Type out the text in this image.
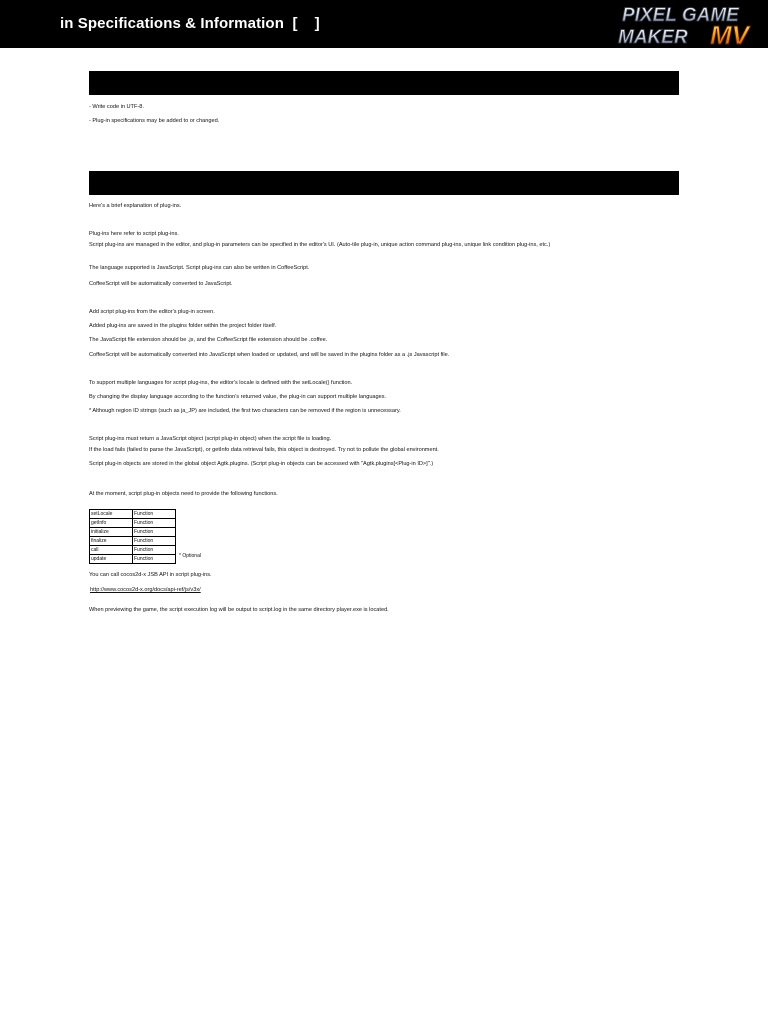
in Specifications & Information  [    ]	PIXEL GAME
MAKER MV
- Write code in UTF-8.
- Plug-in specifications may be added to or changed.
Here's a brief explanation of plug-ins.
Plug-ins here refer to script plug-ins.
Script plug-ins are managed in the editor, and plug-in parameters can be specified in the editor's UI. (Auto-tile plug-in, unique action command plug-ins, unique link condition plug-ins, etc.)
The language supported is JavaScript. Script plug-ins can also be written in CoffeeScript.
CoffeeScript will be automatically converted to JavaScript.
Add script plug-ins from the editor's plug-in screen.
Added plug-ins are saved in the plugins folder within the project folder itself.
The JavaScript file extension should be .js, and the CoffeeScript file extension should be .coffee.
CoffeeScript will be automatically converted into JavaScript when loaded or updated, and will be saved in the plugins folder as a .js Javascript file.
To support multiple languages for script plug-ins, the editor's locale is defined with the setLocale() function.
By changing the display language according to the function's returned value, the plug-in can support multiple languages.
* Although region ID strings (such as ja_JP) are included, the first two characters can be removed if the region is unnecessary.
Script plug-ins must return a JavaScript object (script plug-in object) when the script file is loading.
If the load fails (failed to parse the JavaScript), or getInfo data retrieval fails, this object is destroyed. Try not to pollute the global environment.
Script plug-in objects are stored in the global object Agtk.plugins. (Script plug-in objects can be accessed with "Agtk.plugins[<Plug-in ID>]".)
At the moment, script plug-in objects need to provide the following functions.
setLocale	Function
getInfo	Function
initialize	Function
finalize	Function
call	Function
update	Function	* Optional
You can call cocos2d-x JSB API in script plug-ins.
http://www.cocos2d-x.org/docs/api-ref/js/v3x/
When previewing the game, the script execution log will be output to script.log in the same directory player.exe is located.
